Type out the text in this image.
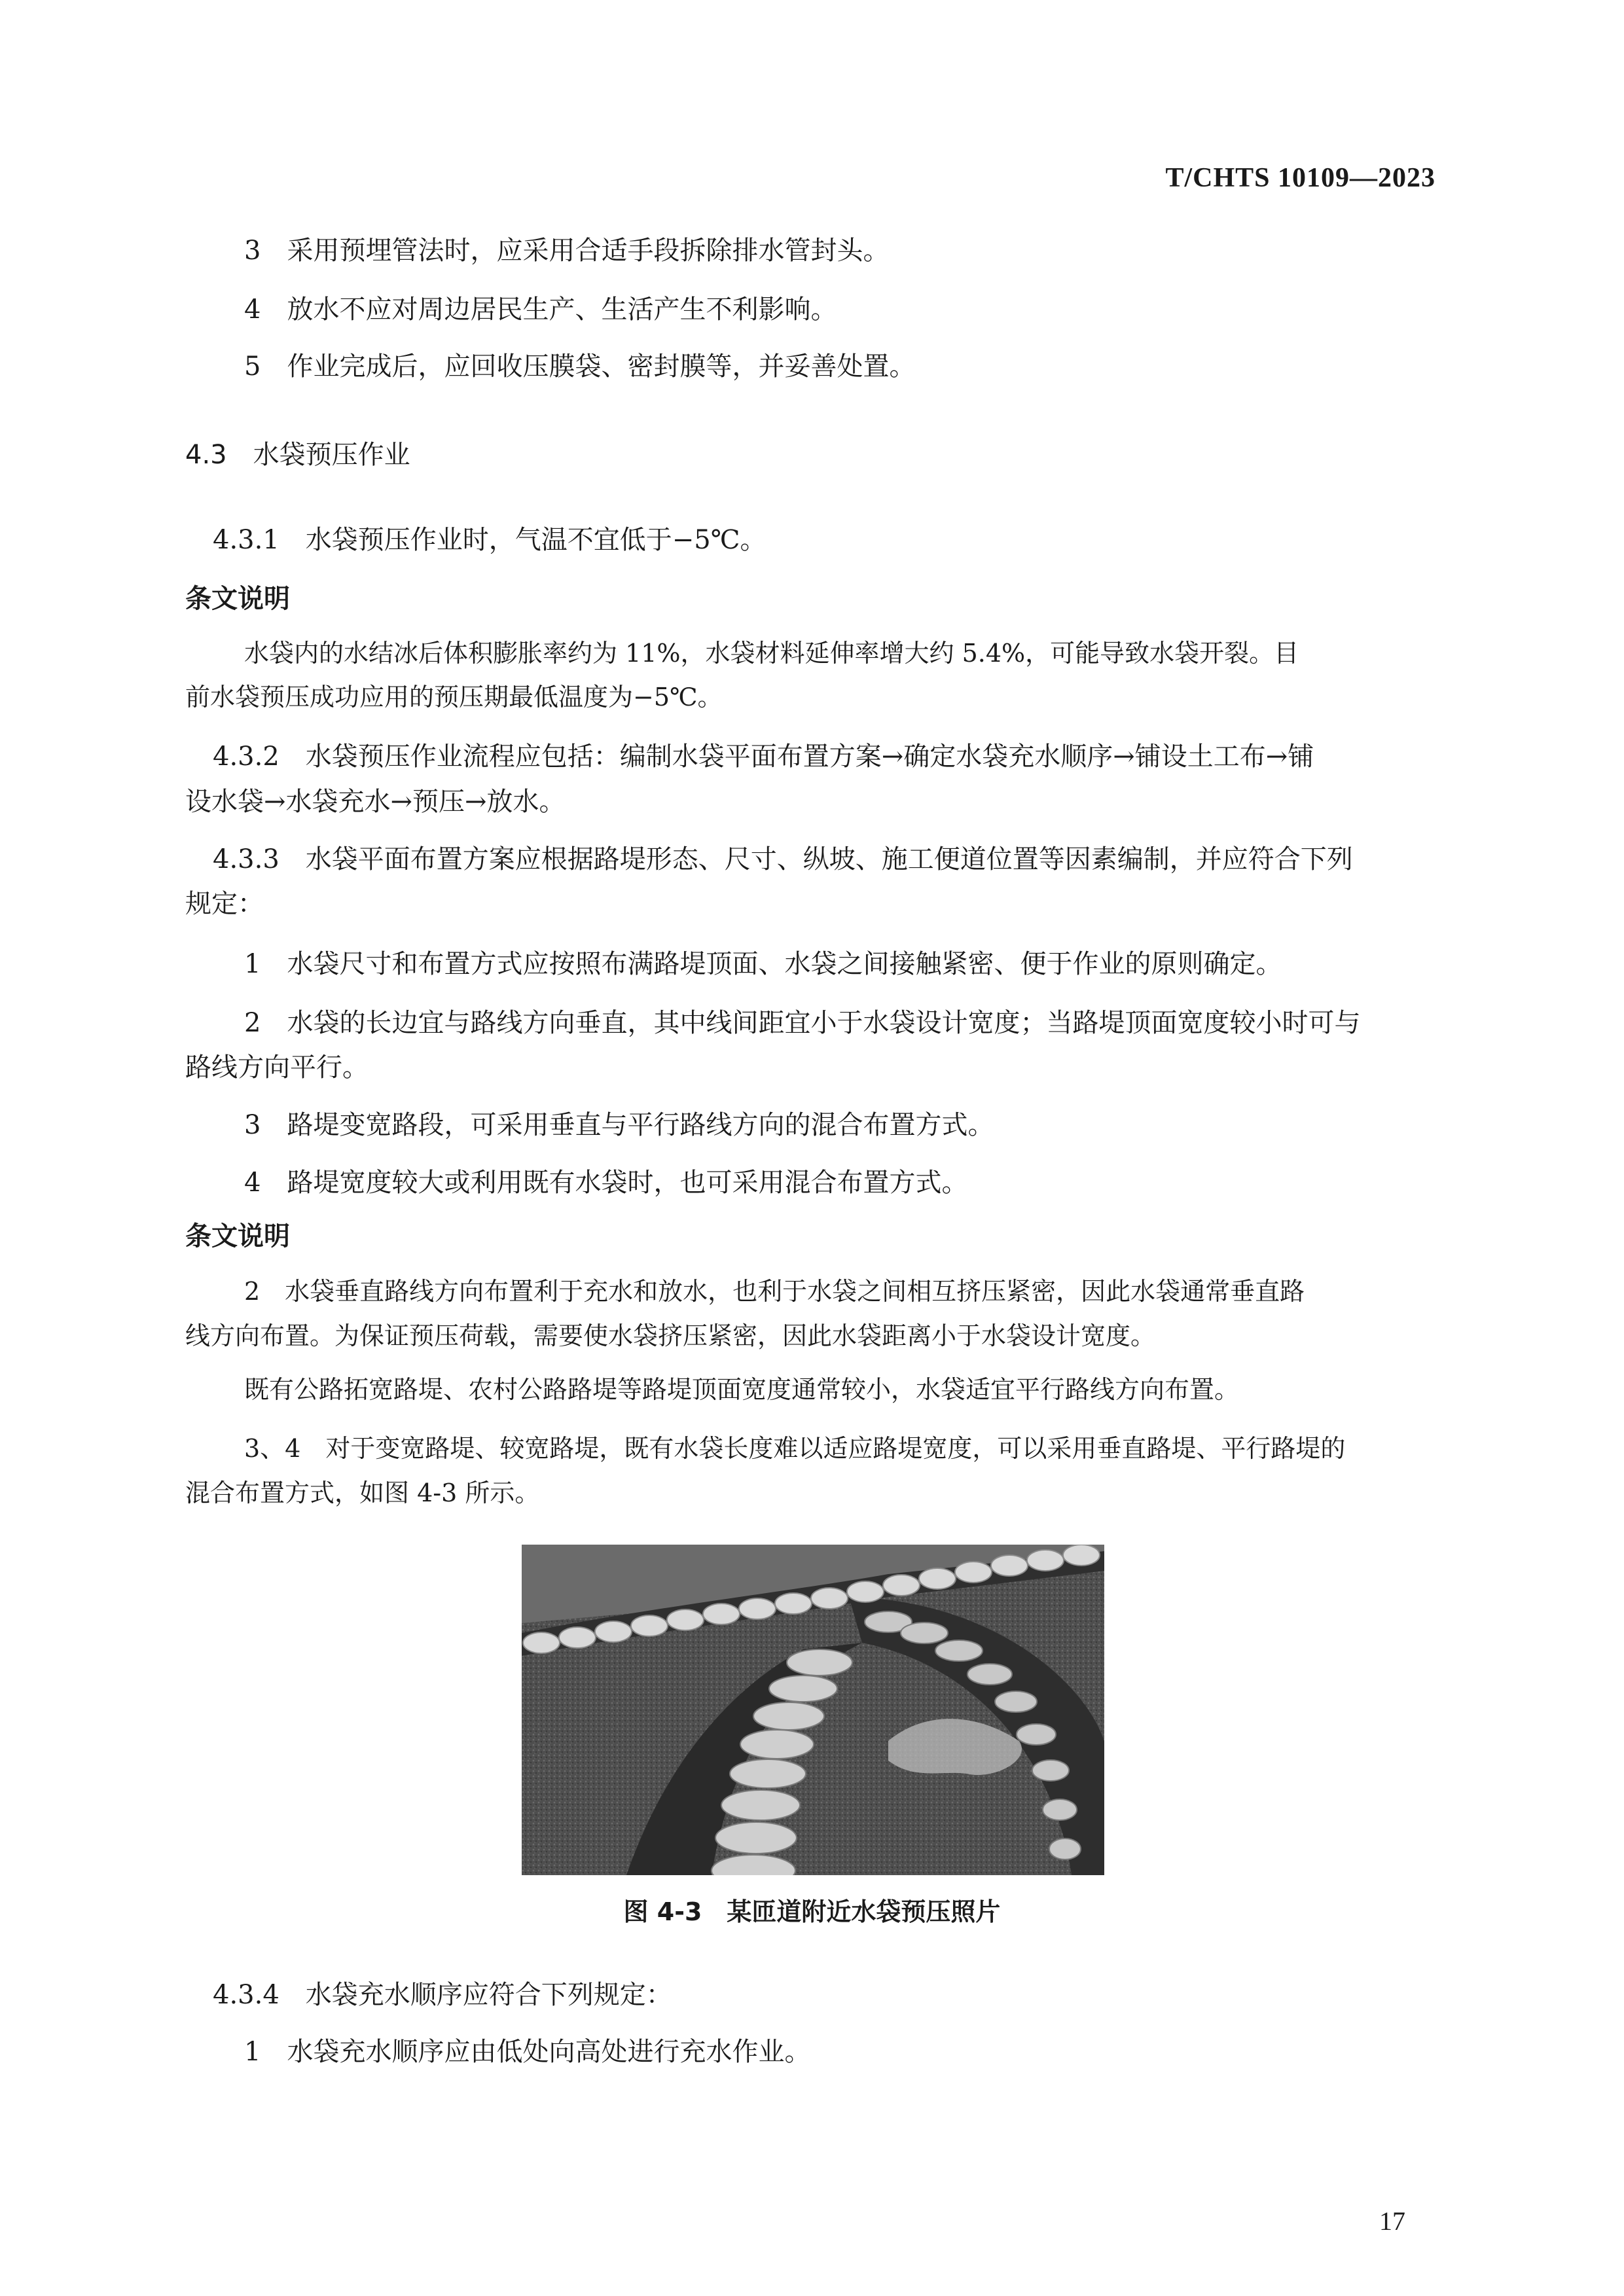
T/CHTS 10109—2023
3　采用预埋管法时，应采用合适手段拆除排水管封头。
4　放水不应对周边居民生产、生活产生不利影响。
5　作业完成后，应回收压膜袋、密封膜等，并妥善处置。
4.3　水袋预压作业
4.3.1　水袋预压作业时，气温不宜低于−5℃。
条文说明
水袋内的水结冰后体积膨胀率约为 11%，水袋材料延伸率增大约 5.4%，可能导致水袋开裂。目
前水袋预压成功应用的预压期最低温度为−5℃。
4.3.2　水袋预压作业流程应包括：编制水袋平面布置方案→确定水袋充水顺序→铺设土工布→铺
设水袋→水袋充水→预压→放水。
4.3.3　水袋平面布置方案应根据路堤形态、尺寸、纵坡、施工便道位置等因素编制，并应符合下列
规定：
1　水袋尺寸和布置方式应按照布满路堤顶面、水袋之间接触紧密、便于作业的原则确定。
2　水袋的长边宜与路线方向垂直，其中线间距宜小于水袋设计宽度；当路堤顶面宽度较小时可与
路线方向平行。
3　路堤变宽路段，可采用垂直与平行路线方向的混合布置方式。
4　路堤宽度较大或利用既有水袋时，也可采用混合布置方式。
条文说明
2　水袋垂直路线方向布置利于充水和放水，也利于水袋之间相互挤压紧密，因此水袋通常垂直路
线方向布置。为保证预压荷载，需要使水袋挤压紧密，因此水袋距离小于水袋设计宽度。
既有公路拓宽路堤、农村公路路堤等路堤顶面宽度通常较小，水袋适宜平行路线方向布置。
3、4　对于变宽路堤、较宽路堤，既有水袋长度难以适应路堤宽度，可以采用垂直路堤、平行路堤的
混合布置方式，如图 4-3 所示。
图 4-3　某匝道附近水袋预压照片
4.3.4　水袋充水顺序应符合下列规定：
1　水袋充水顺序应由低处向高处进行充水作业。
17
